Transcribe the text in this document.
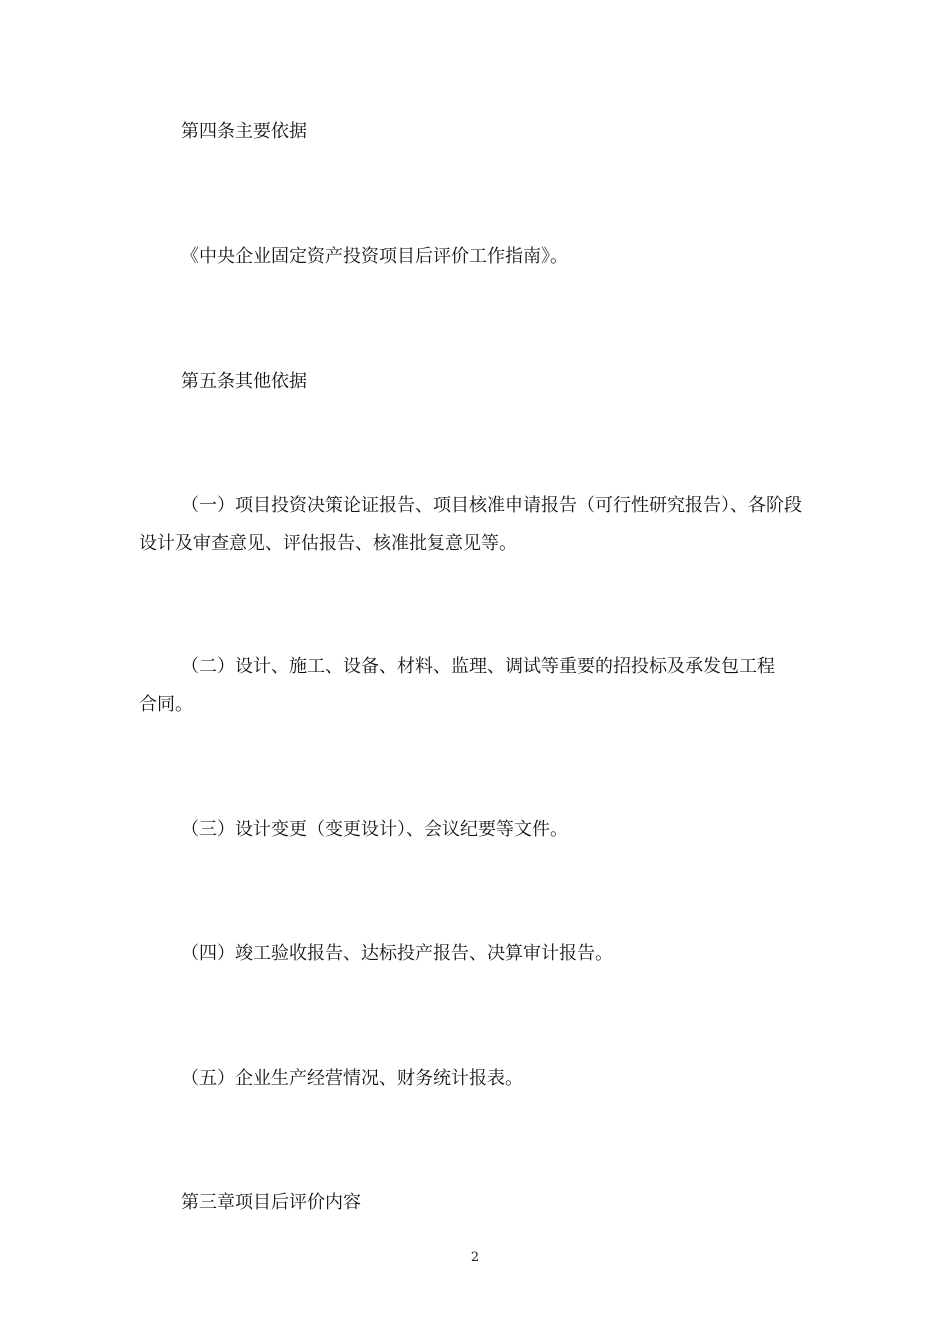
第四条主要依据

《中央企业固定资产投资项目后评价工作指南》。

第五条其他依据

（一）项目投资决策论证报告、项目核准申请报告（可行性研究报告）、各阶段设计及审查意见、评估报告、核准批复意见等。

（二）设计、施工、设备、材料、监理、调试等重要的招投标及承发包工程合同。

（三）设计变更（变更设计）、会议纪要等文件。

（四）竣工验收报告、达标投产报告、决算审计报告。

（五）企业生产经营情况、财务统计报表。

第三章项目后评价内容

2
